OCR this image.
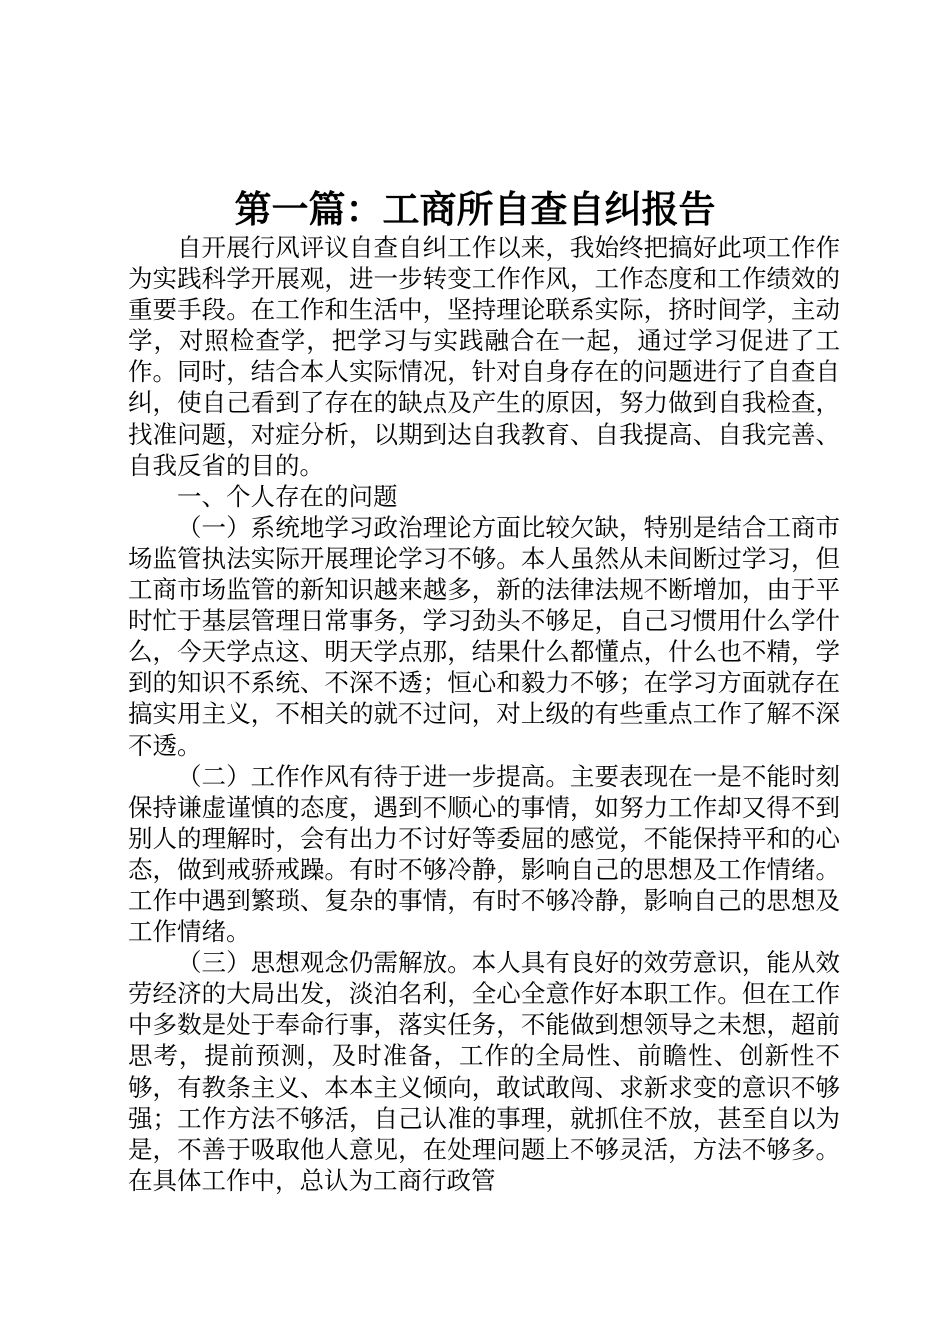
第一篇：工商所自查自纠报告

自开展行风评议自查自纠工作以来，我始终把搞好此项工作作为实践科学开展观，进一步转变工作作风，工作态度和工作绩效的重要手段。在工作和生活中，坚持理论联系实际，挤时间学，主动学，对照检查学，把学习与实践融合在一起，通过学习促进了工作。同时，结合本人实际情况，针对自身存在的问题进行了自查自纠，使自己看到了存在的缺点及产生的原因，努力做到自我检查，找准问题，对症分析，以期到达自我教育、自我提高、自我完善、自我反省的目的。

一、个人存在的问题

（一）系统地学习政治理论方面比较欠缺，特别是结合工商市场监管执法实际开展理论学习不够。本人虽然从未间断过学习，但工商市场监管的新知识越来越多，新的法律法规不断增加，由于平时忙于基层管理日常事务，学习劲头不够足，自己习惯用什么学什么，今天学点这、明天学点那，结果什么都懂点，什么也不精，学到的知识不系统、不深不透；恒心和毅力不够；在学习方面就存在搞实用主义，不相关的就不过问，对上级的有些重点工作了解不深不透。

（二）工作作风有待于进一步提高。主要表现在一是不能时刻保持谦虚谨慎的态度，遇到不顺心的事情，如努力工作却又得不到别人的理解时，会有出力不讨好等委屈的感觉，不能保持平和的心态，做到戒骄戒躁。有时不够冷静，影响自己的思想及工作情绪。工作中遇到繁琐、复杂的事情，有时不够冷静，影响自己的思想及工作情绪。

（三）思想观念仍需解放。本人具有良好的效劳意识，能从效劳经济的大局出发，淡泊名利，全心全意作好本职工作。但在工作中多数是处于奉命行事，落实任务，不能做到想领导之未想，超前思考，提前预测，及时准备，工作的全局性、前瞻性、创新性不够，有教条主义、本本主义倾向，敢试敢闯、求新求变的意识不够强；工作方法不够活，自己认准的事理，就抓住不放，甚至自以为是，不善于吸取他人意见，在处理问题上不够灵活，方法不够多。在具体工作中，总认为工商行政管
